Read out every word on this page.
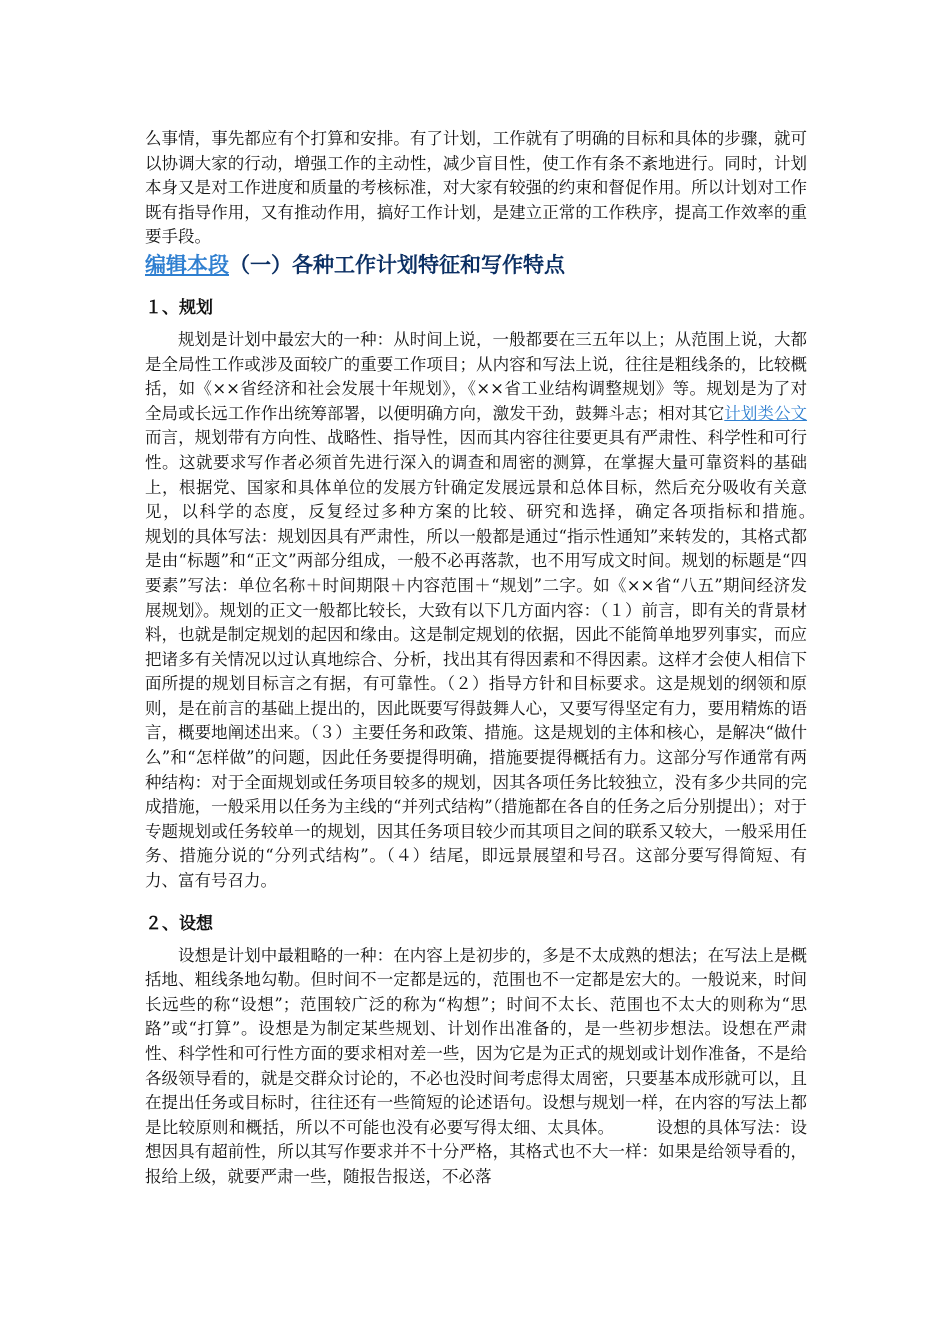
么事情，事先都应有个打算和安排。有了计划，工作就有了明确的目标和具体的步骤，就可以协调大家的行动，增强工作的主动性，减少盲目性，使工作有条不紊地进行。同时，计划本身又是对工作进度和质量的考核标准，对大家有较强的约束和督促作用。所以计划对工作既有指导作用，又有推动作用，搞好工作计划，是建立正常的工作秩序，提高工作效率的重要手段。

编辑本段（一）各种工作计划特征和写作特点
１、规划

规划是计划中最宏大的一种：从时间上说，一般都要在三五年以上；从范围上说，大都是全局性工作或涉及面较广的重要工作项目；从内容和写法上说，往往是粗线条的，比较概括，如《××省经济和社会发展十年规划》，《××省工业结构调整规划》等。规划是为了对全局或长远工作作出统筹部署，以便明确方向，激发干劲，鼓舞斗志；相对其它计划类公文而言，规划带有方向性、战略性、指导性，因而其内容往往要更具有严肃性、科学性和可行性。这就要求写作者必须首先进行深入的调查和周密的测算，在掌握大量可靠资料的基础上，根据党、国家和具体单位的发展方针确定发展远景和总体目标，然后充分吸收有关意见，以科学的态度，反复经过多种方案的比较、研究和选择，确定各项指标和措施。　　　规划的具体写法：规划因具有严肃性，所以一般都是通过“指示性通知”来转发的，其格式都是由“标题”和“正文”两部分组成，一般不必再落款，也不用写成文时间。规划的标题是“四要素”写法：单位名称＋时间期限＋内容范围＋“规划”二字。如《××省“八五”期间经济发展规划》。规划的正文一般都比较长，大致有以下几方面内容：（１）前言，即有关的背景材料，也就是制定规划的起因和缘由。这是制定规划的依据，因此不能简单地罗列事实，而应把诸多有关情况以过认真地综合、分析，找出其有得因素和不得因素。这样才会使人相信下面所提的规划目标言之有据，有可靠性。（２）指导方针和目标要求。这是规划的纲领和原则，是在前言的基础上提出的，因此既要写得鼓舞人心，又要写得坚定有力，要用精炼的语言，概要地阐述出来。（３）主要任务和政策、措施。这是规划的主体和核心，是解决“做什么”和“怎样做”的问题，因此任务要提得明确，措施要提得概括有力。这部分写作通常有两种结构：对于全面规划或任务项目较多的规划，因其各项任务比较独立，没有多少共同的完成措施，一般采用以任务为主线的“并列式结构”（措施都在各自的任务之后分别提出）；对于专题规划或任务较单一的规划，因其任务项目较少而其项目之间的联系又较大，一般采用任务、措施分说的“分列式结构”。（４）结尾，即远景展望和号召。这部分要写得简短、有力、富有号召力。

２、设想

设想是计划中最粗略的一种：在内容上是初步的，多是不太成熟的想法；在写法上是概括地、粗线条地勾勒。但时间不一定都是远的，范围也不一定都是宏大的。一般说来，时间长远些的称“设想”；范围较广泛的称为“构想”；时间不太长、范围也不太大的则称为“思路”或“打算”。设想是为制定某些规划、计划作出准备的，是一些初步想法。设想在严肃性、科学性和可行性方面的要求相对差一些，因为它是为正式的规划或计划作准备，不是给各级领导看的，就是交群众讨论的，不必也没时间考虑得太周密，只要基本成形就可以，且在提出任务或目标时，往往还有一些简短的论述语句。设想与规划一样，在内容的写法上都是比较原则和概括，所以不可能也没有必要写得太细、太具体。　　　设想的具体写法：设想因具有超前性，所以其写作要求并不十分严格，其格式也不大一样：如果是给领导看的，报给上级，就要严肃一些，随报告报送，不必落
